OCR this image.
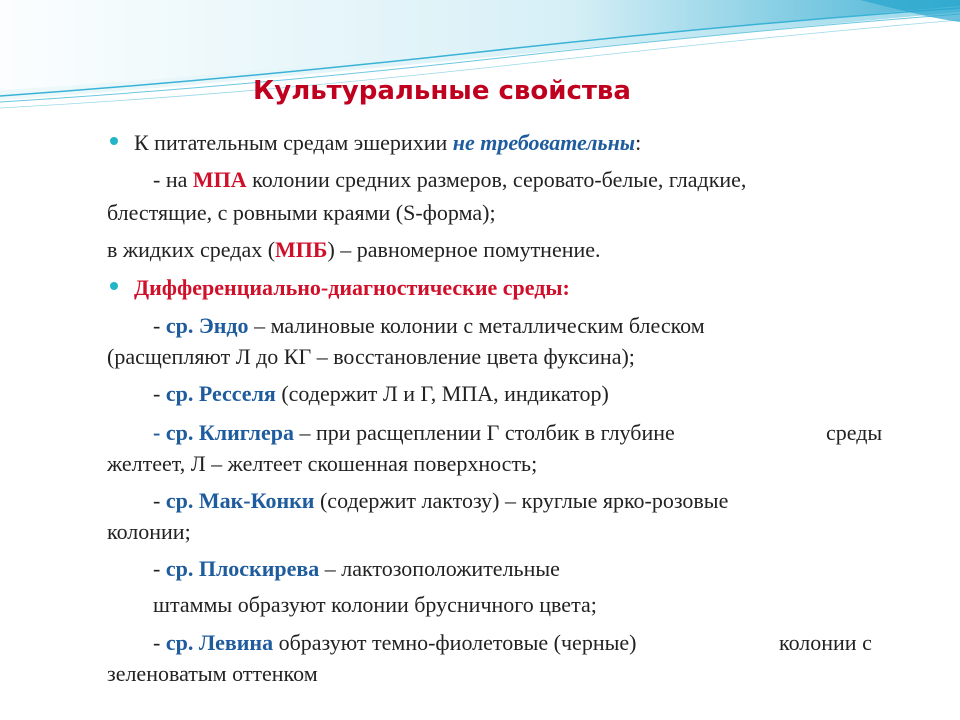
Культуральные свойства
К питательным средам эшерихии не требовательны:
- на МПА колонии средних размеров, серовато-белые, гладкие,
блестящие, с ровными краями (S-форма);
в жидких средах (МПБ) – равномерное помутнение.
Дифференциально-диагностические среды:
- ср. Эндо – малиновые колонии с металлическим блеском
(расщепляют Л до КГ – восстановление цвета фуксина);
- ср. Ресселя (содержит Л и Г, МПА, индикатор)
- ср. Клиглера – при расщеплении Г столбик в глубине	среды
желтеет, Л – желтеет скошенная поверхность;
- ср. Мак-Конки (содержит лактозу) – круглые ярко-розовые
колонии;
- ср. Плоскирева – лактозоположительные
штаммы образуют колонии брусничного цвета;
- ср. Левина образуют темно-фиолетовые (черные)	колонии с
зеленоватым оттенком
